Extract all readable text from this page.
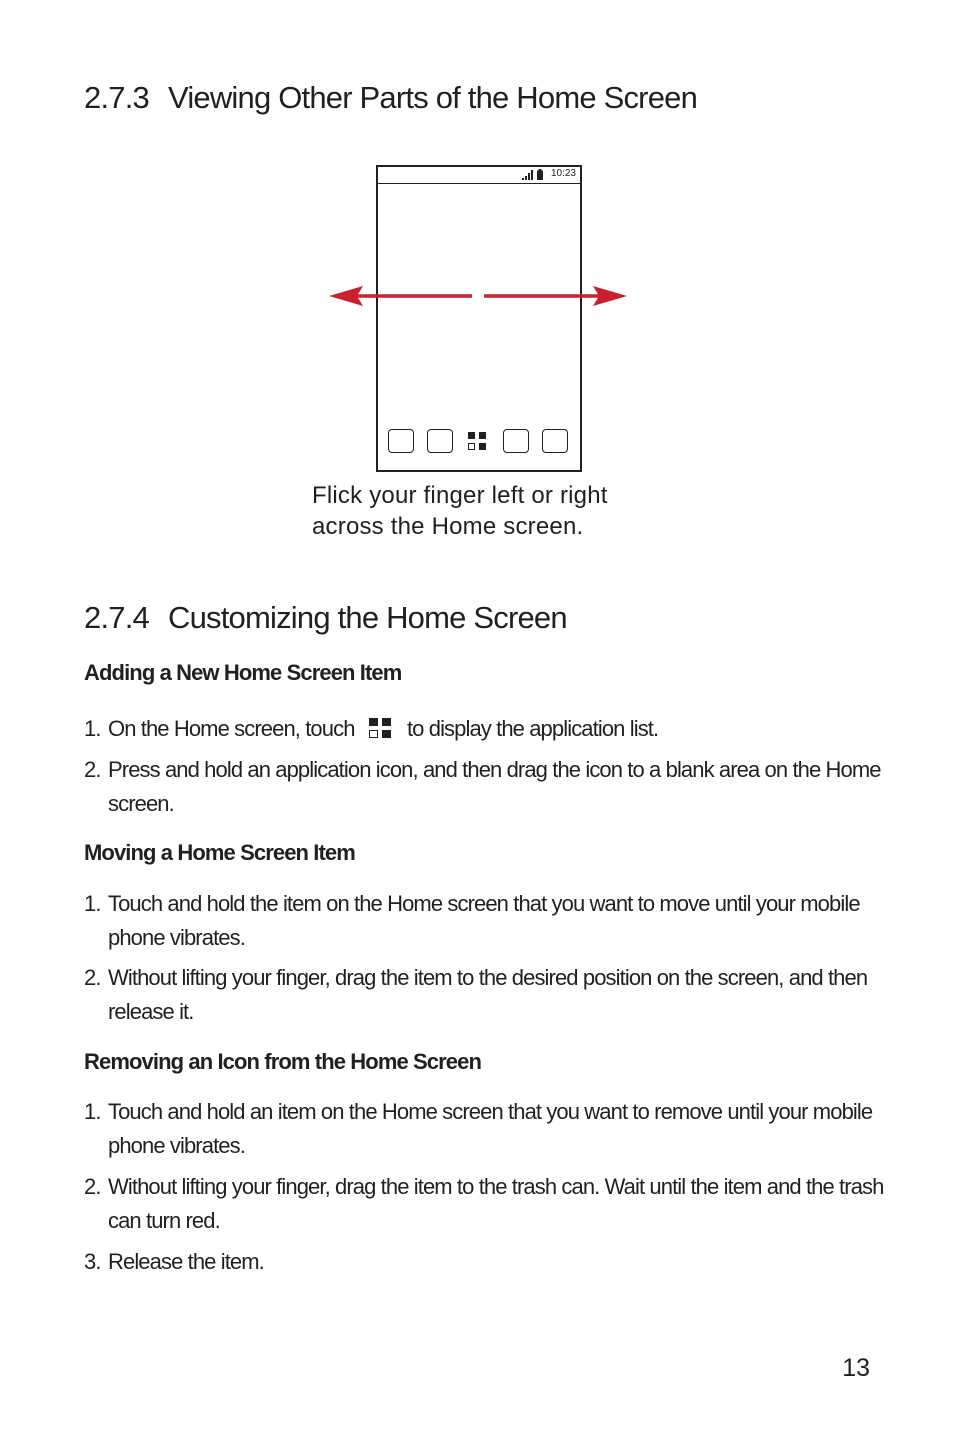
2.7.3 Viewing Other Parts of the Home Screen
10:23
Flick your finger left or right
across the Home screen.
2.7.4 Customizing the Home Screen
Adding a New Home Screen Item
1. On the Home screen, touch to display the application list.
2. Press and hold an application icon, and then drag the icon to a blank area on the Home screen.
Moving a Home Screen Item
1. Touch and hold the item on the Home screen that you want to move until your mobile phone vibrates.
2. Without lifting your finger, drag the item to the desired position on the screen, and then release it.
Removing an Icon from the Home Screen
1. Touch and hold an item on the Home screen that you want to remove until your mobile phone vibrates.
2. Without lifting your finger, drag the item to the trash can. Wait until the item and the trash can turn red.
3. Release the item.
13
